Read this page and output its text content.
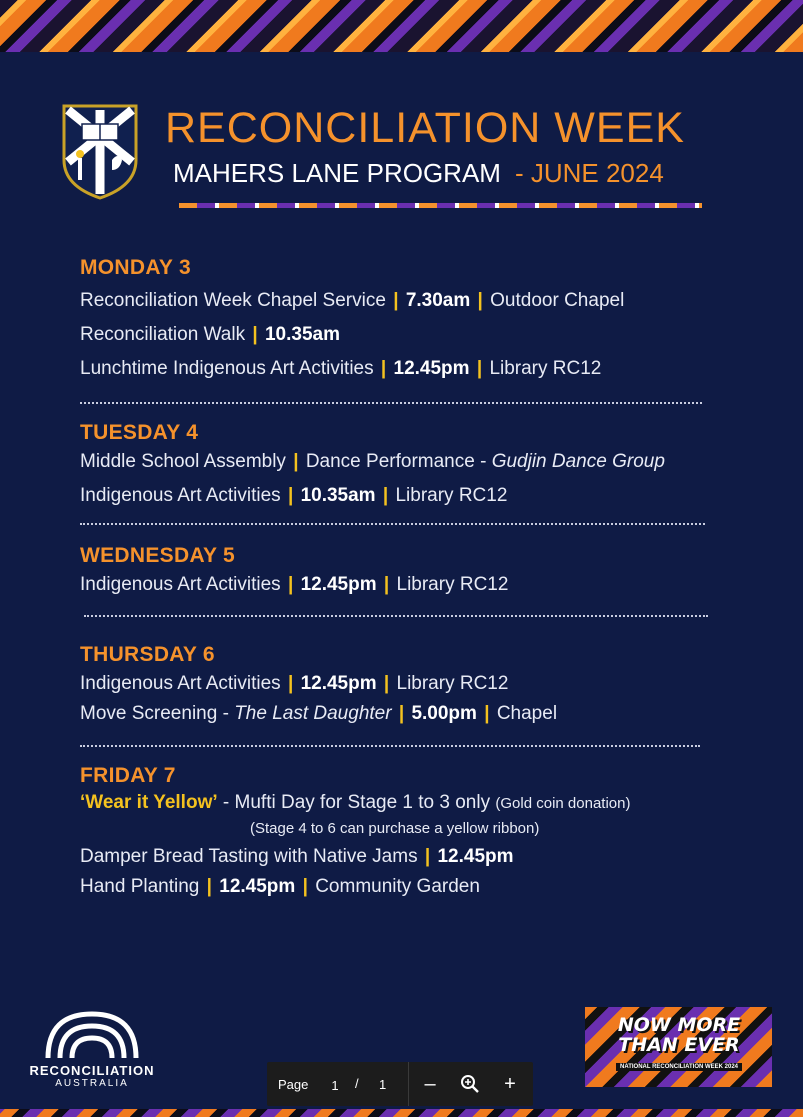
RECONCILIATION WEEK
MAHERS LANE PROGRAM - JUNE 2024
MONDAY 3
Reconciliation Week Chapel Service | 7.30am | Outdoor Chapel
Reconciliation Walk | 10.35am
Lunchtime Indigenous Art Activities | 12.45pm | Library RC12
TUESDAY 4
Middle School Assembly | Dance Performance - Gudjin Dance Group
Indigenous Art Activities | 10.35am | Library RC12
WEDNESDAY 5
Indigenous Art Activities | 12.45pm | Library RC12
THURSDAY 6
Indigenous Art Activities | 12.45pm | Library RC12
Move Screening - The Last Daughter | 5.00pm | Chapel
FRIDAY 7
‘Wear it Yellow’ - Mufti Day for Stage 1 to 3 only (Gold coin donation)
(Stage 4 to 6 can purchase a yellow ribbon)
Damper Bread Tasting with Native Jams | 12.45pm
Hand Planting | 12.45pm | Community Garden
RECONCILIATION
AUSTRALIA
NOW MORE
THAN EVER
NATIONAL RECONCILIATION WEEK 2024
Page
1	/ 1	–	+
